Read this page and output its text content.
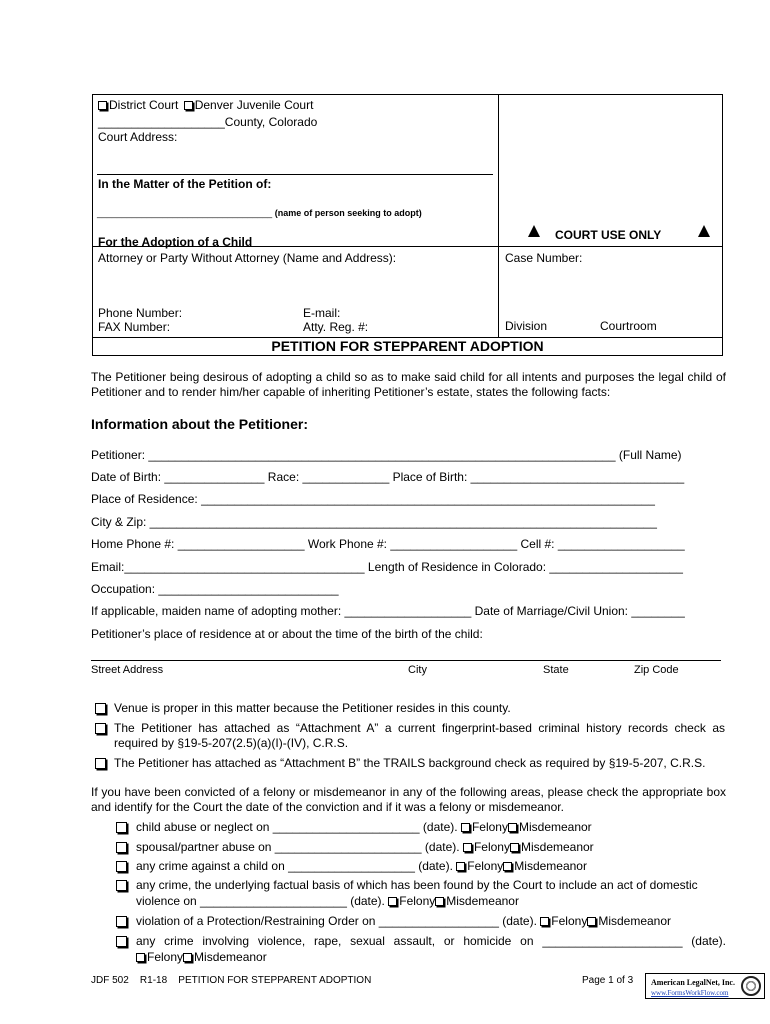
District Court Denver Juvenile Court
___________________County, Colorado
Court Address:
In the Matter of the Petition of:
___________________________________ (name of person seeking to adopt)
For the Adoption of a Child	COURT USE ONLY
Attorney or Party Without Attorney (Name and Address):	Case Number:
Phone Number:	E-mail:
FAX Number:	Atty. Reg. #:	Division	Courtroom
PETITION FOR STEPPARENT ADOPTION
The Petitioner being desirous of adopting a child so as to make said child for all intents and purposes the legal child of Petitioner and to render him/her capable of inheriting Petitioner’s estate, states the following facts:
Information about the Petitioner:
Petitioner: ______________________________________________________________________ (Full Name)
Date of Birth: _______________ Race: _____________ Place of Birth: ________________________________
Place of Residence: ____________________________________________________________________
City & Zip: ____________________________________________________________________________
Home Phone #: ___________________ Work Phone #: ___________________ Cell #: ___________________
Email:____________________________________ Length of Residence in Colorado: ____________________
Occupation: ___________________________
If applicable, maiden name of adopting mother: ___________________ Date of Marriage/Civil Union: ________
Petitioner’s place of residence at or about the time of the birth of the child:
Street Address	City	State	Zip Code
Venue is proper in this matter because the Petitioner resides in this county.
The Petitioner has attached as “Attachment A” a current fingerprint-based criminal history records check as required by §19-5-207(2.5)(a)(I)-(IV), C.R.S.
The Petitioner has attached as “Attachment B” the TRAILS background check as required by §19-5-207, C.R.S.
If you have been convicted of a felony or misdemeanor in any of the following areas, please check the appropriate box and identify for the Court the date of the conviction and if it was a felony or misdemeanor.
child abuse or neglect on ______________________ (date). Felony Misdemeanor
spousal/partner abuse on ______________________ (date). Felony Misdemeanor
any crime against a child on ___________________ (date). Felony Misdemeanor
any crime, the underlying factual basis of which has been found by the Court to include an act of domestic
violence on ______________________ (date). Felony Misdemeanor
violation of a Protection/Restraining Order on __________________ (date). Felony Misdemeanor
any crime involving violence, rape, sexual assault, or homicide on _____________________ (date).
Felony Misdemeanor
JDF 502 R1-18 PETITION FOR STEPPARENT ADOPTION	Page 1 of 3 American LegalNet, Inc.
www.FormsWorkFlow.com
